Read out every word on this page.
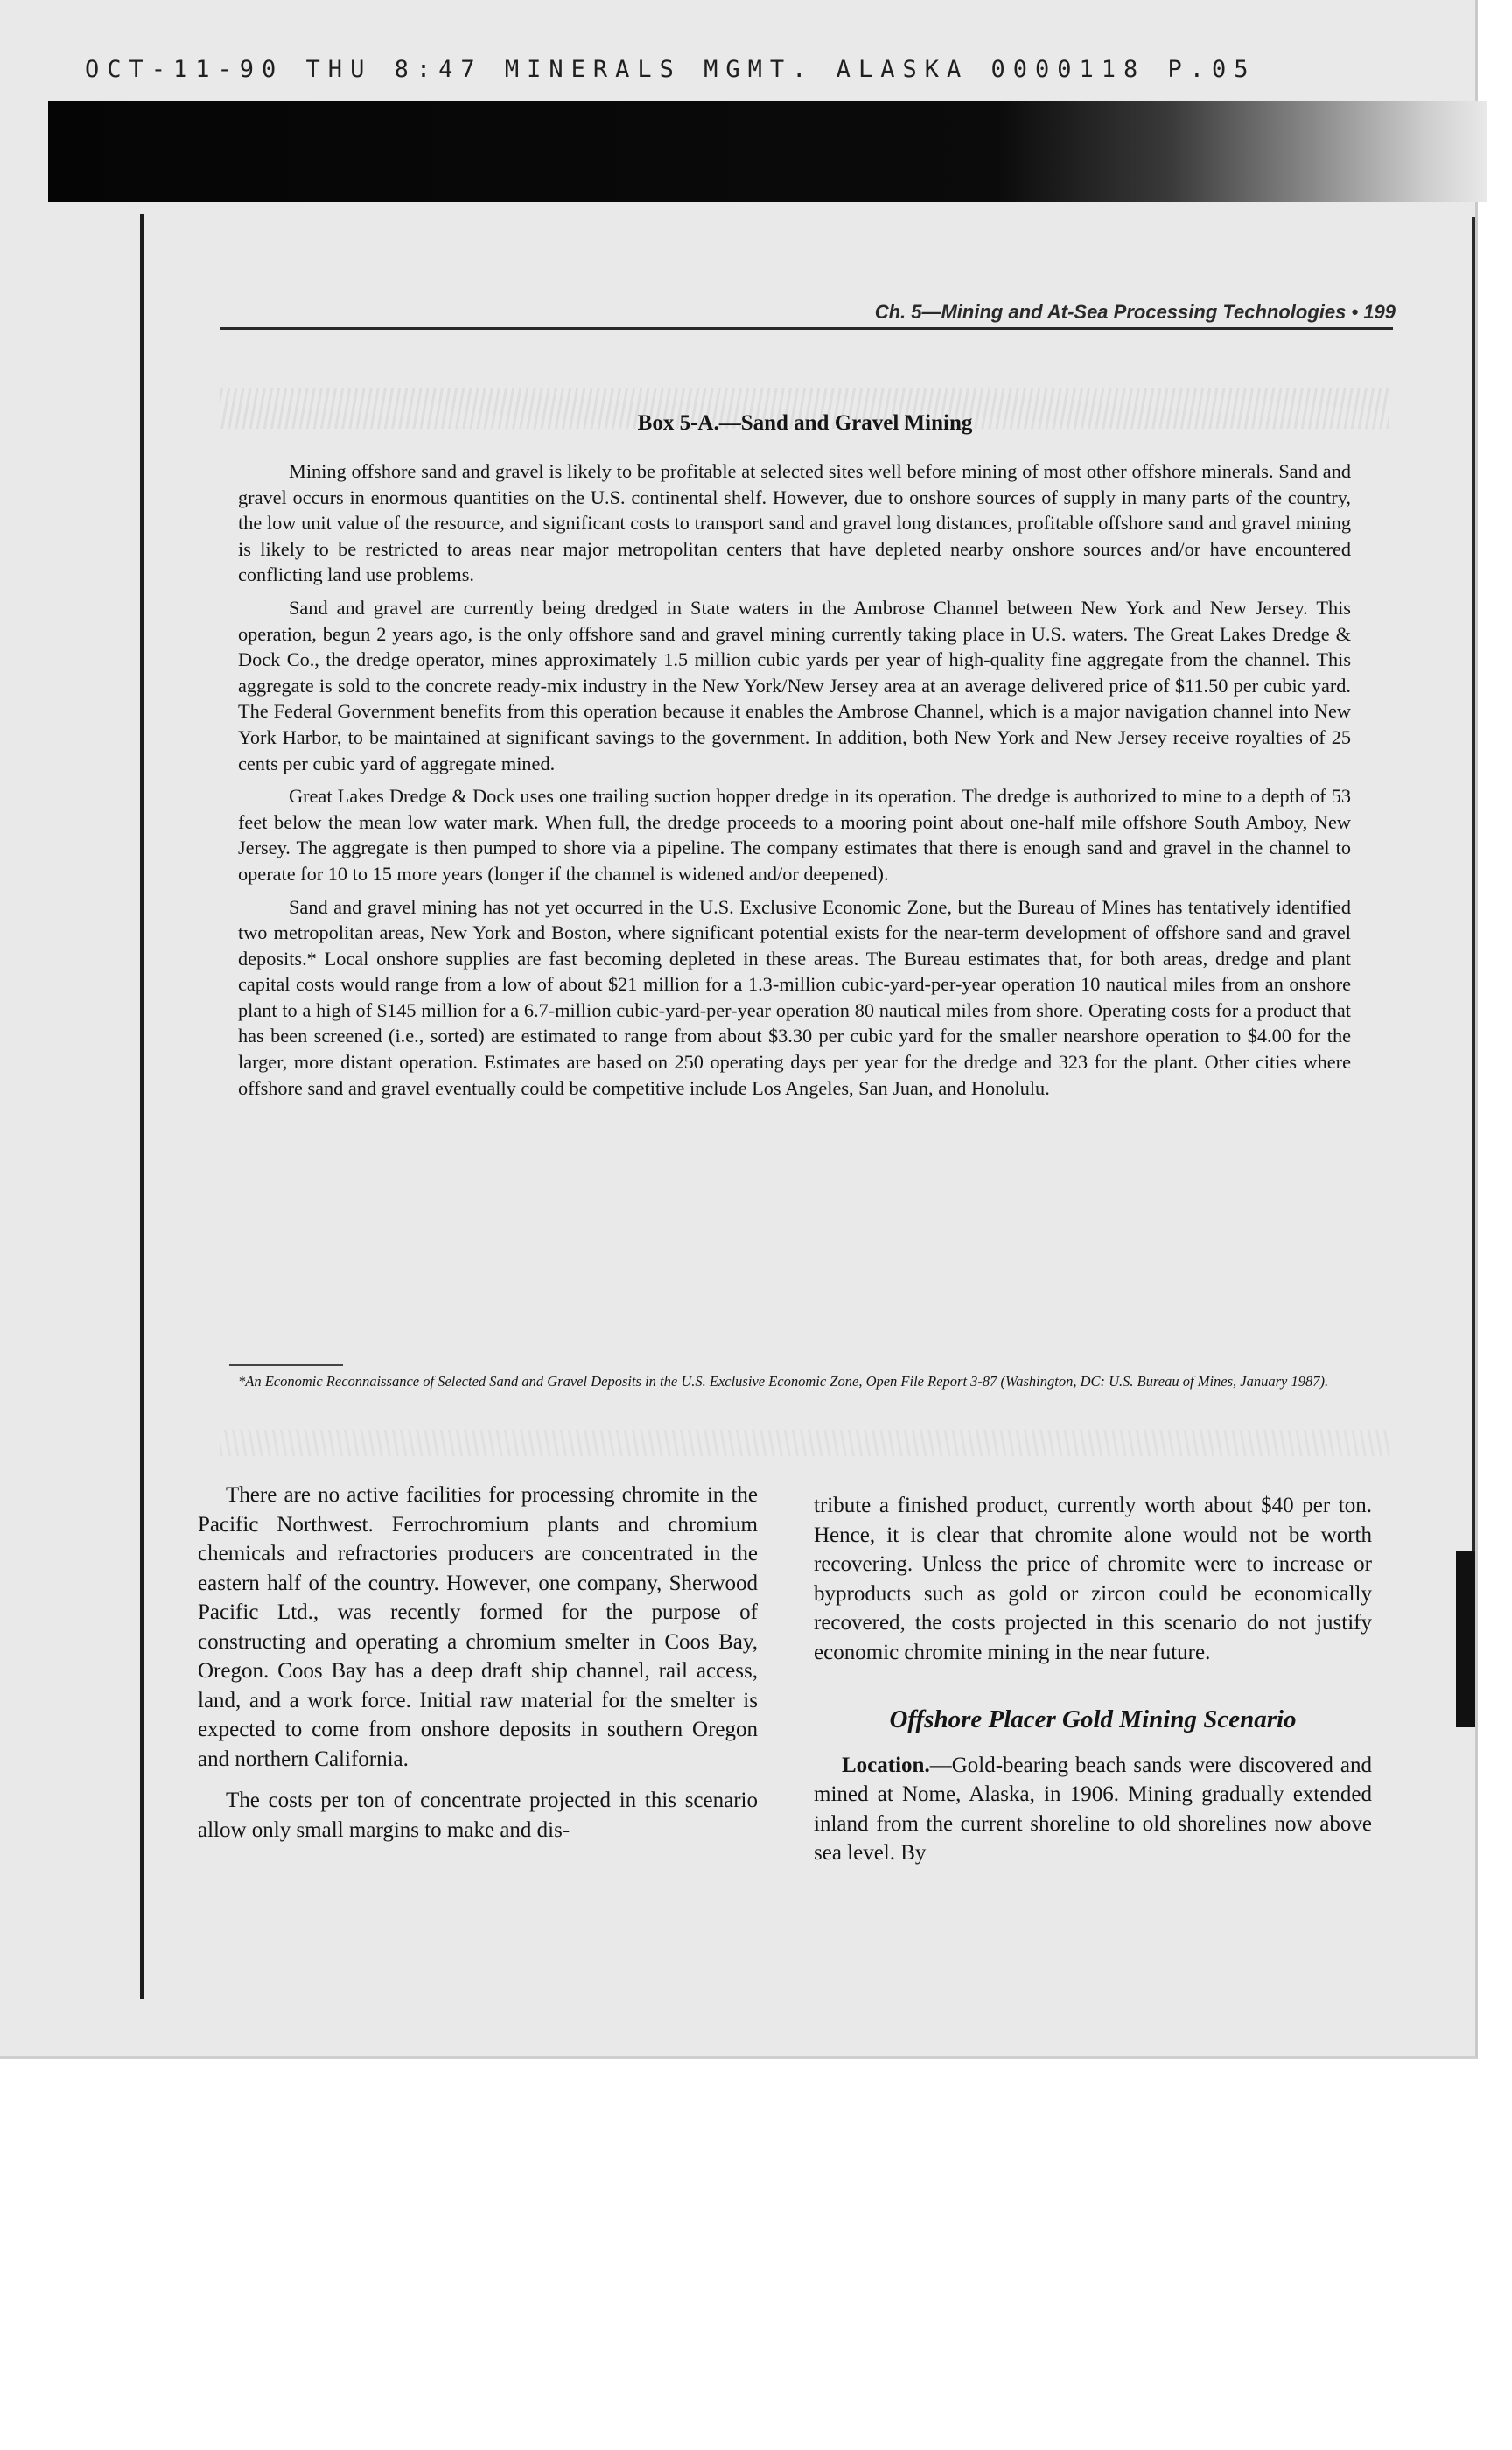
OCT-11-90 THU 8:47 MINERALS MGMT. ALASKA 0000118 P.05
Ch. 5—Mining and At-Sea Processing Technologies • 199
Box 5-A.—Sand and Gravel Mining

Mining offshore sand and gravel is likely to be profitable at selected sites well before mining of most other offshore minerals. Sand and gravel occurs in enormous quantities on the U.S. continental shelf. However, due to onshore sources of supply in many parts of the country, the low unit value of the resource, and significant costs to transport sand and gravel long distances, profitable offshore sand and gravel mining is likely to be restricted to areas near major metropolitan centers that have depleted nearby onshore sources and/or have encountered conflicting land use problems.

Sand and gravel are currently being dredged in State waters in the Ambrose Channel between New York and New Jersey. This operation, begun 2 years ago, is the only offshore sand and gravel mining currently taking place in U.S. waters. The Great Lakes Dredge & Dock Co., the dredge operator, mines approximately 1.5 million cubic yards per year of high-quality fine aggregate from the channel. This aggregate is sold to the concrete ready-mix industry in the New York/New Jersey area at an average delivered price of $11.50 per cubic yard. The Federal Government benefits from this operation because it enables the Ambrose Channel, which is a major navigation channel into New York Harbor, to be maintained at significant savings to the government. In addition, both New York and New Jersey receive royalties of 25 cents per cubic yard of aggregate mined.

Great Lakes Dredge & Dock uses one trailing suction hopper dredge in its operation. The dredge is authorized to mine to a depth of 53 feet below the mean low water mark. When full, the dredge proceeds to a mooring point about one-half mile offshore South Amboy, New Jersey. The aggregate is then pumped to shore via a pipeline. The company estimates that there is enough sand and gravel in the channel to operate for 10 to 15 more years (longer if the channel is widened and/or deepened).

Sand and gravel mining has not yet occurred in the U.S. Exclusive Economic Zone, but the Bureau of Mines has tentatively identified two metropolitan areas, New York and Boston, where significant potential exists for the near-term development of offshore sand and gravel deposits.* Local onshore supplies are fast becoming depleted in these areas. The Bureau estimates that, for both areas, dredge and plant capital costs would range from a low of about $21 million for a 1.3-million cubic-yard-per-year operation 10 nautical miles from an onshore plant to a high of $145 million for a 6.7-million cubic-yard-per-year operation 80 nautical miles from shore. Operating costs for a product that has been screened (i.e., sorted) are estimated to range from about $3.30 per cubic yard for the smaller nearshore operation to $4.00 for the larger, more distant operation. Estimates are based on 250 operating days per year for the dredge and 323 for the plant. Other cities where offshore sand and gravel eventually could be competitive include Los Angeles, San Juan, and Honolulu.

*An Economic Reconnaissance of Selected Sand and Gravel Deposits in the U.S. Exclusive Economic Zone, Open File Report 3-87 (Washington, DC: U.S. Bureau of Mines, January 1987).

There are no active facilities for processing chromite in the Pacific Northwest. Ferrochromium plants and chromium chemicals and refractories producers are concentrated in the eastern half of the country. However, one company, Sherwood Pacific Ltd., was recently formed for the purpose of constructing and operating a chromium smelter in Coos Bay, Oregon. Coos Bay has a deep draft ship channel, rail access, land, and a work force. Initial raw material for the smelter is expected to come from onshore deposits in southern Oregon and northern California.

The costs per ton of concentrate projected in this scenario allow only small margins to make and dis-

tribute a finished product, currently worth about $40 per ton. Hence, it is clear that chromite alone would not be worth recovering. Unless the price of chromite were to increase or byproducts such as gold or zircon could be economically recovered, the costs projected in this scenario do not justify economic chromite mining in the near future.

Offshore Placer Gold Mining Scenario

Location.—Gold-bearing beach sands were discovered and mined at Nome, Alaska, in 1906. Mining gradually extended inland from the current shoreline to old shorelines now above sea level. By
